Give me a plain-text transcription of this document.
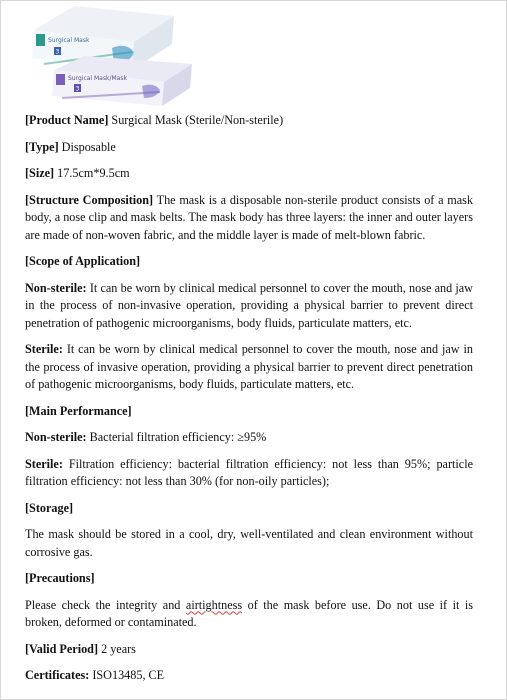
Surgical Mask
3
Surgical Mask/Mask
3

[Product Name] Surgical Mask (Sterile/Non-sterile)

[Type] Disposable

[Size] 17.5cm*9.5cm

[Structure Composition] The mask is a disposable non-sterile product consists of a mask body, a nose clip and mask belts. The mask body has three layers: the inner and outer layers are made of non-woven fabric, and the middle layer is made of melt-blown fabric.

[Scope of Application]

Non-sterile: It can be worn by clinical medical personnel to cover the mouth, nose and jaw in the process of non-invasive operation, providing a physical barrier to prevent direct penetration of pathogenic microorganisms, body fluids, particulate matters, etc.

Sterile: It can be worn by clinical medical personnel to cover the mouth, nose and jaw in the process of invasive operation, providing a physical barrier to prevent direct penetration of pathogenic microorganisms, body fluids, particulate matters, etc.

[Main Performance]

Non-sterile: Bacterial filtration efficiency: ≥95%

Sterile: Filtration efficiency: bacterial filtration efficiency: not less than 95%; particle filtration efficiency: not less than 30% (for non-oily particles);

[Storage]

The mask should be stored in a cool, dry, well-ventilated and clean environment without corrosive gas.

[Precautions]

Please check the integrity and airtightness of the mask before use. Do not use if it is broken, deformed or contaminated.

[Valid Period] 2 years

Certificates: ISO13485, CE
